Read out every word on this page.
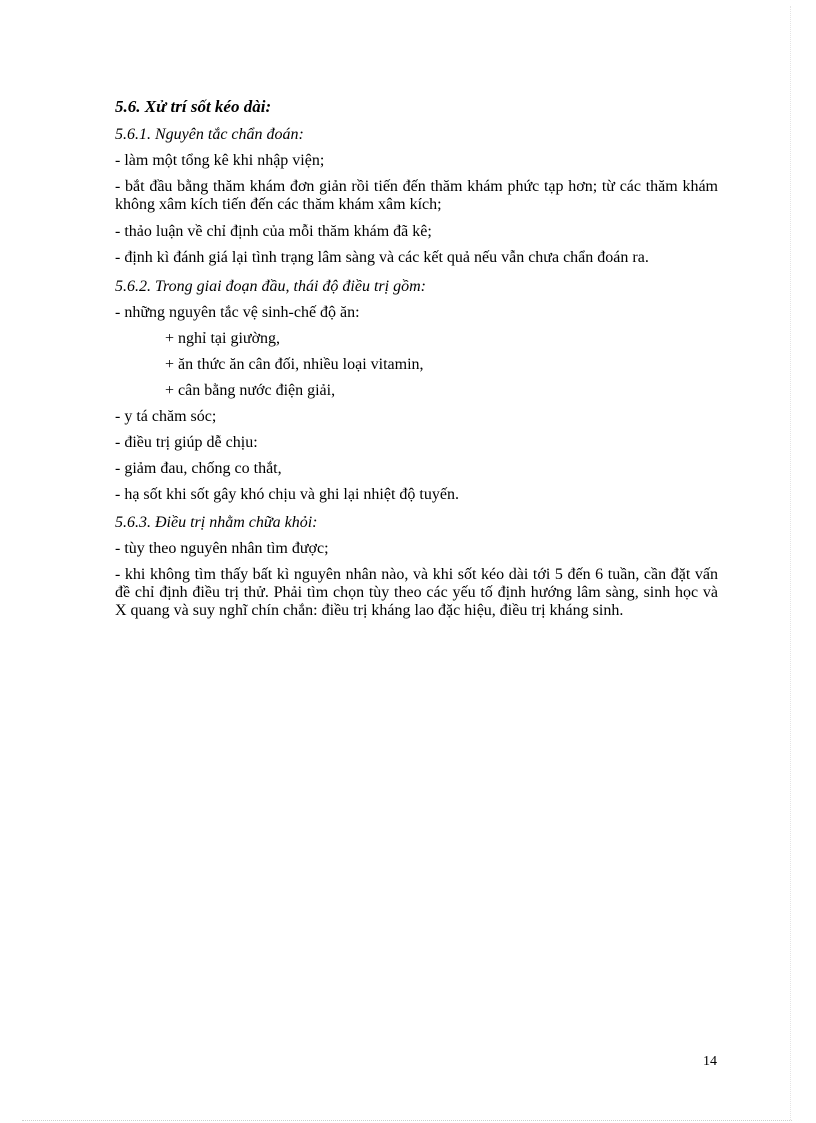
5.6. Xử trí sốt kéo dài:
5.6.1. Nguyên tắc chẩn đoán:
- làm một tổng kê khi nhập viện;
- bắt đầu bằng thăm khám đơn giản rồi tiến đến thăm khám phức tạp hơn; từ các thăm khám không xâm kích tiến đến các thăm khám xâm kích;
- thảo luận về chỉ định của mỗi thăm khám đã kê;
- định kì đánh giá lại tình trạng lâm sàng và các kết quả nếu vẫn chưa chẩn đoán ra.
5.6.2. Trong giai đoạn đầu, thái độ điều trị gồm:
- những nguyên tắc vệ sinh-chế độ ăn:
+ nghỉ tại giường,
+ ăn thức ăn cân đối, nhiều loại vitamin,
+ cân bằng nước điện giải,
- y tá chăm sóc;
- điều trị giúp dễ chịu:
- giảm đau, chống co thắt,
- hạ sốt khi sốt gây khó chịu và ghi lại nhiệt độ tuyến.
5.6.3. Điều trị nhằm chữa khỏi:
- tùy theo nguyên nhân tìm được;
- khi không tìm thấy bất kì nguyên nhân nào, và khi sốt kéo dài tới 5 đến 6 tuần, cần đặt vấn đề chỉ định điều trị thử. Phải tìm chọn tùy theo các yếu tố định hướng lâm sàng, sinh học và X quang và suy nghĩ chín chắn: điều trị kháng lao đặc hiệu, điều trị kháng sinh.
14
